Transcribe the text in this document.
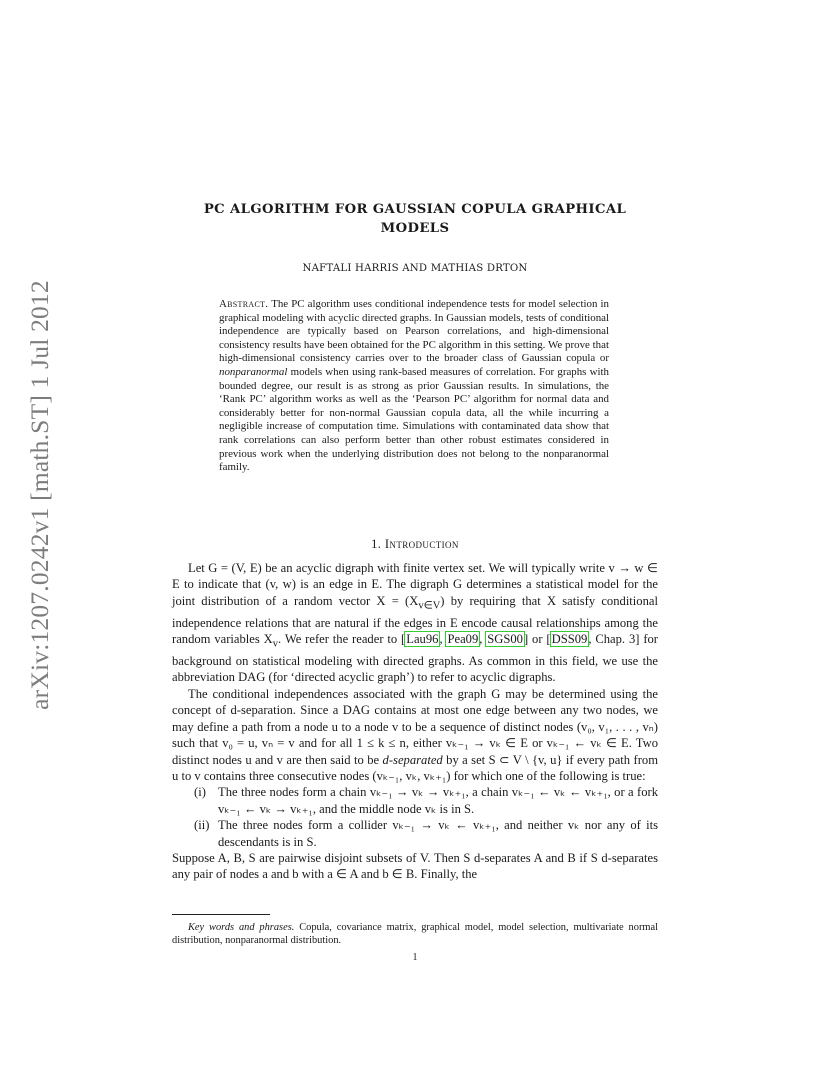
arXiv:1207.0242v1 [math.ST] 1 Jul 2012
PC ALGORITHM FOR GAUSSIAN COPULA GRAPHICAL
MODELS
NAFTALI HARRIS AND MATHIAS DRTON

Abstract. The PC algorithm uses conditional independence tests for model selection in graphical modeling with acyclic directed graphs. In Gaussian models, tests of conditional independence are typically based on Pearson correlations, and high-dimensional consistency results have been obtained for the PC algorithm in this setting. We prove that high-dimensional consistency carries over to the broader class of Gaussian copula or nonparanormal models when using rank-based measures of correlation. For graphs with bounded degree, our result is as strong as prior Gaussian results. In simulations, the ‘Rank PC’ algorithm works as well as the ‘Pearson PC’ algorithm for normal data and considerably better for non-normal Gaussian copula data, all the while incurring a negligible increase of computation time. Simulations with contaminated data show that rank correlations can also perform better than other robust estimates considered in previous work when the underlying distribution does not belong to the nonparanormal family.

1. Introduction

Let G = (V, E) be an acyclic digraph with finite vertex set. We will typically write v → w ∈ E to indicate that (v, w) is an edge in E. The digraph G determines a statistical model for the joint distribution of a random vector $X = (X_{v\in V})$ by requiring that X satisfy conditional independence relations that are natural if the edges in E encode causal relationships among the random variables $X_v$. We refer the reader to [Lau96, Pea09, SGS00] or [DSS09, Chap. 3] for background on statistical modeling with directed graphs. As common in this field, we use the abbreviation DAG (for ‘directed acyclic graph’) to refer to acyclic digraphs.

The conditional independences associated with the graph G may be determined using the concept of d-separation. Since a DAG contains at most one edge between any two nodes, we may define a path from a node u to a node v to be a sequence of distinct nodes (v₀, v₁, . . . , vₙ) such that v₀ = u, vₙ = v and for all 1 ≤ k ≤ n, either vₖ₋₁ → vₖ ∈ E or vₖ₋₁ ← vₖ ∈ E. Two distinct nodes u and v are then said to be d-separated by a set S ⊂ V \ {v, u} if every path from u to v contains three consecutive nodes (vₖ₋₁, vₖ, vₖ₊₁) for which one of the following is true:

(i) The three nodes form a chain vₖ₋₁ → vₖ → vₖ₊₁, a chain vₖ₋₁ ← vₖ ← vₖ₊₁, or a fork vₖ₋₁ ← vₖ → vₖ₊₁, and the middle node vₖ is in S.
(ii) The three nodes form a collider vₖ₋₁ → vₖ ← vₖ₊₁, and neither vₖ nor any of its descendants is in S.

Suppose A, B, S are pairwise disjoint subsets of V. Then S d-separates A and B if S d-separates any pair of nodes a and b with a ∈ A and b ∈ B. Finally, the

Key words and phrases. Copula, covariance matrix, graphical model, model selection, multivariate normal distribution, nonparanormal distribution.

1
